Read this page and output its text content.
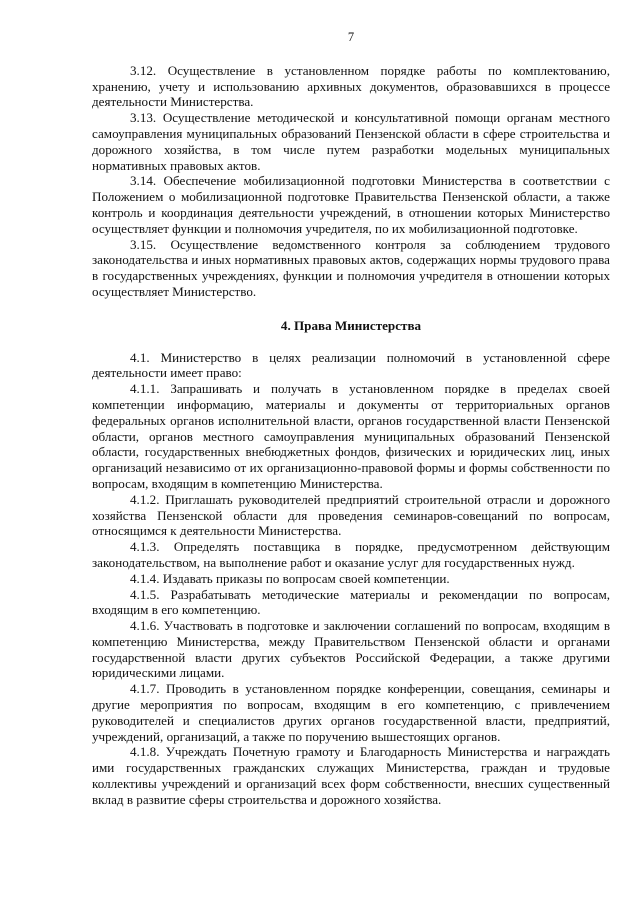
7

3.12. Осуществление в установленном порядке работы по комплектованию, хранению, учету и использованию архивных документов, образовавшихся в процессе деятельности Министерства.

3.13. Осуществление методической и консультативной помощи органам местного самоуправления муниципальных образований Пензенской области в сфере строительства и дорожного хозяйства, в том числе путем разработки модельных муниципальных нормативных правовых актов.

3.14. Обеспечение мобилизационной подготовки Министерства в соответствии с Положением о мобилизационной подготовке Правительства Пензенской области, а также контроль и координация деятельности учреждений, в отношении которых Министерство осуществляет функции и полномочия учредителя, по их мобилизационной подготовке.

3.15. Осуществление ведомственного контроля за соблюдением трудового законодательства и иных нормативных правовых актов, содержащих нормы трудового права в государственных учреждениях, функции и полномочия учредителя в отношении которых осуществляет Министерство.

4. Права Министерства

4.1. Министерство в целях реализации полномочий в установленной сфере деятельности имеет право:

4.1.1. Запрашивать и получать в установленном порядке в пределах своей компетенции информацию, материалы и документы от территориальных органов федеральных органов исполнительной власти, органов государственной власти Пензенской области, органов местного самоуправления муниципальных образований Пензенской области, государственных внебюджетных фондов, физических и юридических лиц, иных организаций независимо от их организационно-правовой формы и формы собственности по вопросам, входящим в компетенцию Министерства.

4.1.2. Приглашать руководителей предприятий строительной отрасли и дорожного хозяйства Пензенской области для проведения семинаров-совещаний по вопросам, относящимся к деятельности Министерства.

4.1.3. Определять поставщика в порядке, предусмотренном действующим законодательством, на выполнение работ и оказание услуг для государственных нужд.

4.1.4. Издавать приказы по вопросам своей компетенции.

4.1.5. Разрабатывать методические материалы и рекомендации по вопросам, входящим в его компетенцию.

4.1.6. Участвовать в подготовке и заключении соглашений по вопросам, входящим в компетенцию Министерства, между Правительством Пензенской области и органами государственной власти других субъектов Российской Федерации, а также другими юридическими лицами.

4.1.7. Проводить в установленном порядке конференции, совещания, семинары и другие мероприятия по вопросам, входящим в его компетенцию, с привлечением руководителей и специалистов других органов государственной власти, предприятий, учреждений, организаций, а также по поручению вышестоящих органов.

4.1.8. Учреждать Почетную грамоту и Благодарность Министерства и награждать ими государственных гражданских служащих Министерства, граждан и трудовые коллективы учреждений и организаций всех форм собственности, внесших существенный вклад в развитие сферы строительства и дорожного хозяйства.
